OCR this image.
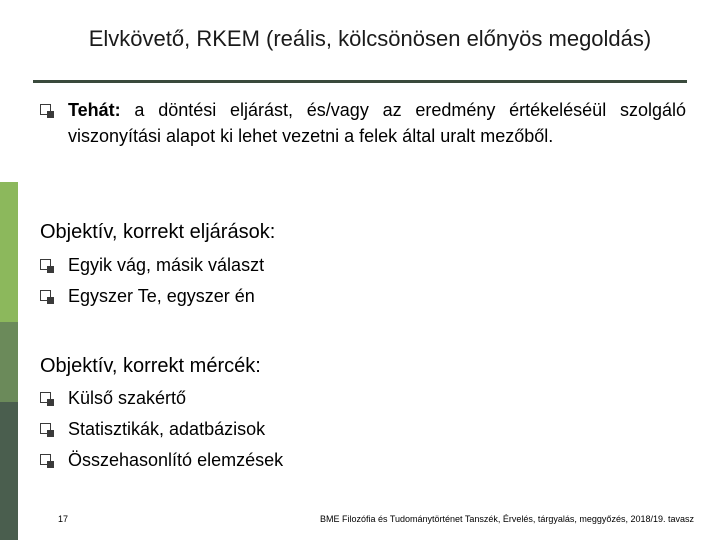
Elvkövető, RKEM (reális, kölcsönösen előnyös megoldás)
Tehát: a döntési eljárást, és/vagy az eredmény értékeléséül szolgáló viszonyítási alapot ki lehet vezetni a felek által uralt mezőből.
Objektív, korrekt eljárások:
Egyik vág, másik választ
Egyszer Te, egyszer én
Objektív, korrekt mércék:
Külső szakértő
Statisztikák, adatbázisok
Összehasonlító elemzések
17	BME Filozófia és Tudománytörténet Tanszék, Érvelés, tárgyalás, meggyőzés, 2018/19. tavasz
